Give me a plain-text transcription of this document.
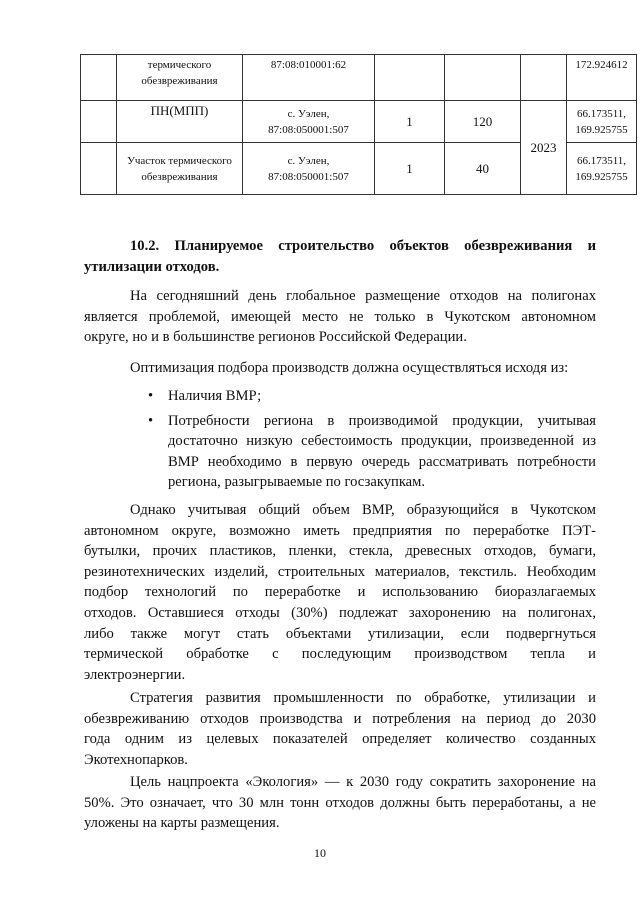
	термического обезвреживания	87:08:010001:62				172.924612
	ПН(МПП)	с. Уэлен, 87:08:050001:507	1	120	2023	66.173511, 169.925755
	Участок термического обезвреживания	с. Уэлен, 87:08:050001:507	1	40		66.173511, 169.925755
10.2. Планируемое строительство объектов обезвреживания и
утилизации отходов.
На сегодняшний день глобальное размещение отходов на полигонах
является проблемой, имеющей место не только в Чукотском автономном
округе, но и в большинстве регионов Российской Федерации.
Оптимизация подбора производств должна осуществляться исходя из:
• Наличия ВМР;
• Потребности региона в производимой продукции, учитывая
достаточно низкую себестоимость продукции, произведенной из
ВМР необходимо в первую очередь рассматривать потребности
региона, разыгрываемые по госзакупкам.
Однако учитывая общий объем ВМР, образующийся в Чукотском
автономном округе, возможно иметь предприятия по переработке ПЭТ-
бутылки, прочих пластиков, пленки, стекла, древесных отходов, бумаги,
резинотехнических изделий, строительных материалов, текстиль. Необходим
подбор технологий по переработке и использованию биоразлагаемых
отходов. Оставшиеся отходы (30%) подлежат захоронению на полигонах,
либо также могут стать объектами утилизации, если подвергнуться
термической обработке с последующим производством тепла и
электроэнергии.
Стратегия развития промышленности по обработке, утилизации и
обезвреживанию отходов производства и потребления на период до 2030
года одним из целевых показателей определяет количество созданных
Экотехнопарков.
Цель нацпроекта «Экология» — к 2030 году сократить захоронение на
50%. Это означает, что 30 млн тонн отходов должны быть переработаны, а не
уложены на карты размещения.
10
